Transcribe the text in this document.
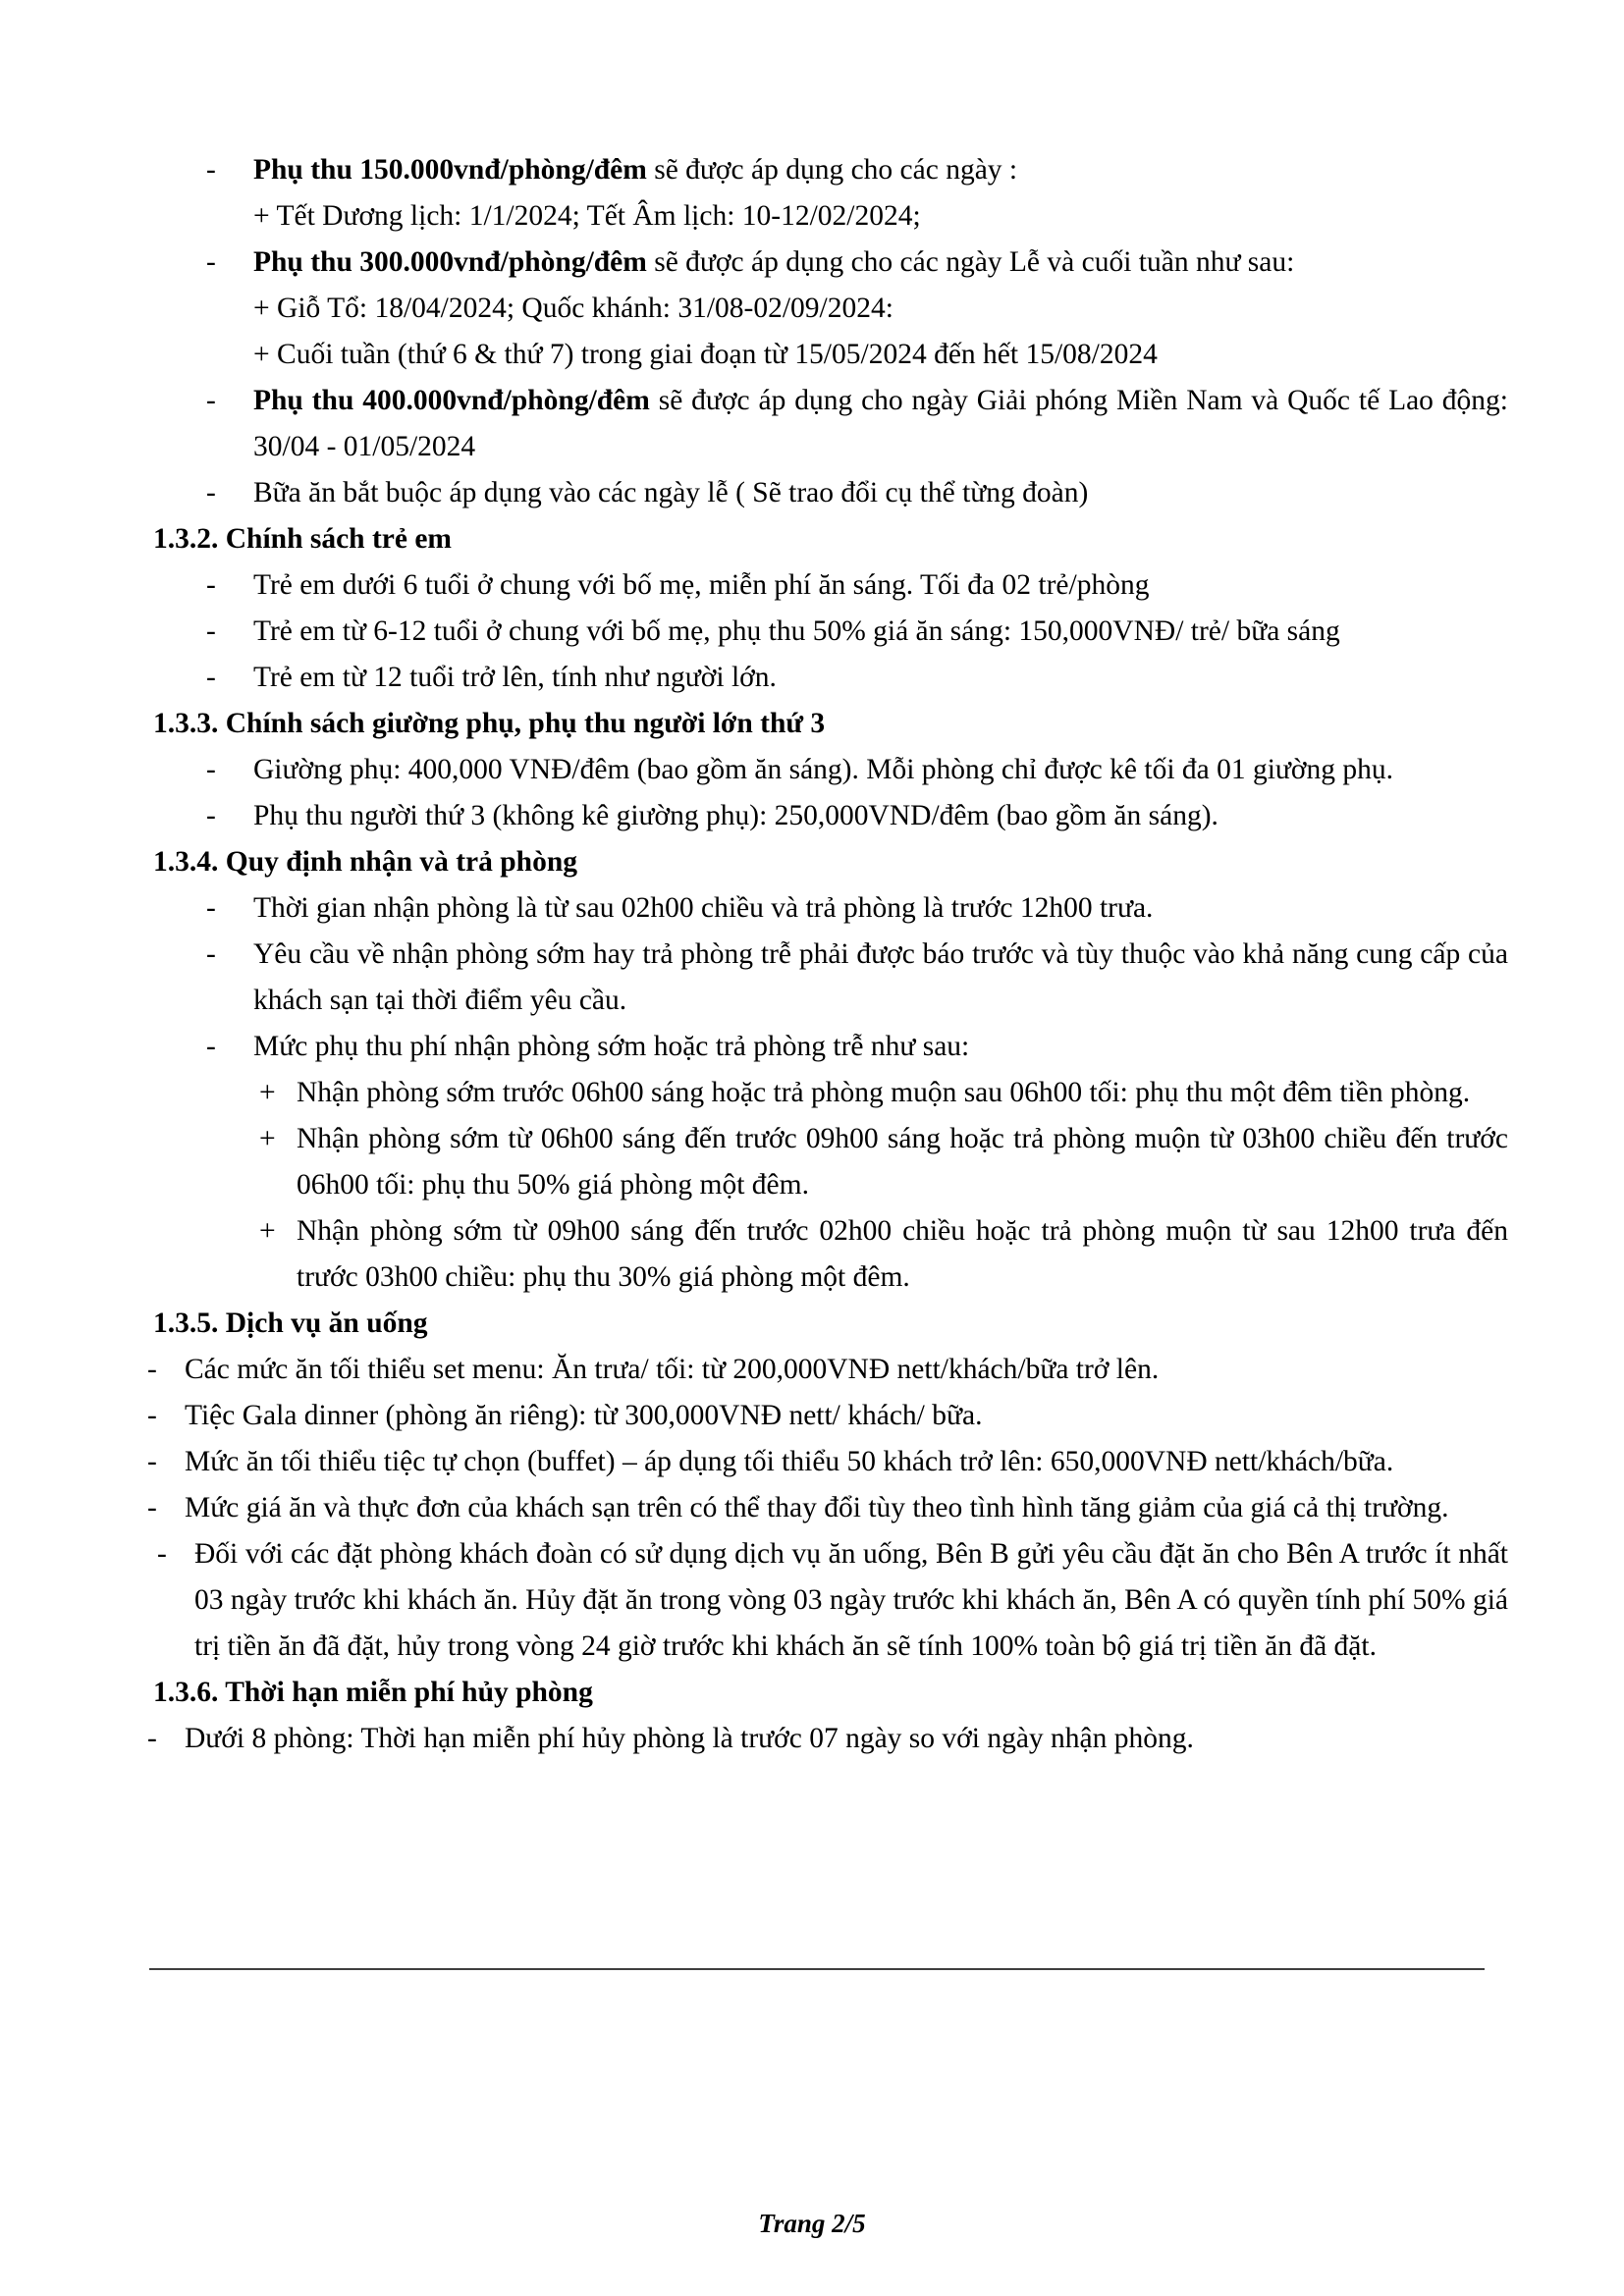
-	Phụ thu 150.000vnđ/phòng/đêm sẽ được áp dụng cho các ngày :
+ Tết Dương lịch: 1/1/2024; Tết Âm lịch: 10-12/02/2024;
-	Phụ thu 300.000vnđ/phòng/đêm sẽ được áp dụng cho các ngày Lễ và cuối tuần như sau:
+ Giỗ Tổ: 18/04/2024; Quốc khánh: 31/08-02/09/2024:
+ Cuối tuần (thứ 6 & thứ 7) trong giai đoạn từ 15/05/2024 đến hết 15/08/2024
-	Phụ thu 400.000vnđ/phòng/đêm sẽ được áp dụng cho ngày Giải phóng Miền Nam và Quốc tế Lao động: 30/04 - 01/05/2024
-	Bữa ăn bắt buộc áp dụng vào các ngày lễ ( Sẽ trao đổi cụ thể từng đoàn)
1.3.2. Chính sách trẻ em
-	Trẻ em dưới 6 tuổi ở chung với bố mẹ, miễn phí ăn sáng. Tối đa 02 trẻ/phòng
-	Trẻ em từ 6-12 tuổi ở chung với bố mẹ, phụ thu 50% giá ăn sáng: 150,000VNĐ/ trẻ/ bữa sáng
-	Trẻ em từ 12 tuổi trở lên, tính như người lớn.
1.3.3. Chính sách giường phụ, phụ thu người lớn thứ 3
-	Giường phụ: 400,000 VNĐ/đêm (bao gồm ăn sáng). Mỗi phòng chỉ được kê tối đa 01 giường phụ.
-	Phụ thu người thứ 3 (không kê giường phụ): 250,000VND/đêm (bao gồm ăn sáng).
1.3.4. Quy định nhận và trả phòng
-	Thời gian nhận phòng là từ sau 02h00 chiều và trả phòng là trước 12h00 trưa.
-	Yêu cầu về nhận phòng sớm hay trả phòng trễ phải được báo trước và tùy thuộc vào khả năng cung cấp của khách sạn tại thời điểm yêu cầu.
-	Mức phụ thu phí nhận phòng sớm hoặc trả phòng trễ như sau:
+ Nhận phòng sớm trước 06h00 sáng hoặc trả phòng muộn sau 06h00 tối: phụ thu một đêm tiền phòng.
+ Nhận phòng sớm từ 06h00 sáng đến trước 09h00 sáng hoặc trả phòng muộn từ 03h00 chiều đến trước 06h00 tối: phụ thu 50% giá phòng một đêm.
+ Nhận phòng sớm từ 09h00 sáng đến trước 02h00 chiều hoặc trả phòng muộn từ sau 12h00 trưa đến trước 03h00 chiều: phụ thu 30% giá phòng một đêm.
1.3.5. Dịch vụ ăn uống
- Các mức ăn tối thiểu set menu: Ăn trưa/ tối: từ 200,000VNĐ nett/khách/bữa trở lên.
- Tiệc Gala dinner (phòng ăn riêng): từ 300,000VNĐ nett/ khách/ bữa.
- Mức ăn tối thiểu tiệc tự chọn (buffet) – áp dụng tối thiểu 50 khách trở lên: 650,000VNĐ nett/khách/bữa.
- Mức giá ăn và thực đơn của khách sạn trên có thể thay đổi tùy theo tình hình tăng giảm của giá cả thị trường.
- Đối với các đặt phòng khách đoàn có sử dụng dịch vụ ăn uống, Bên B gửi yêu cầu đặt ăn cho Bên A trước ít nhất 03 ngày trước khi khách ăn. Hủy đặt ăn trong vòng 03 ngày trước khi khách ăn, Bên A có quyền tính phí 50% giá trị tiền ăn đã đặt, hủy trong vòng 24 giờ trước khi khách ăn sẽ tính 100% toàn bộ giá trị tiền ăn đã đặt.
1.3.6. Thời hạn miễn phí hủy phòng
- Dưới 8 phòng: Thời hạn miễn phí hủy phòng là trước 07 ngày so với ngày nhận phòng.
Trang 2/5
